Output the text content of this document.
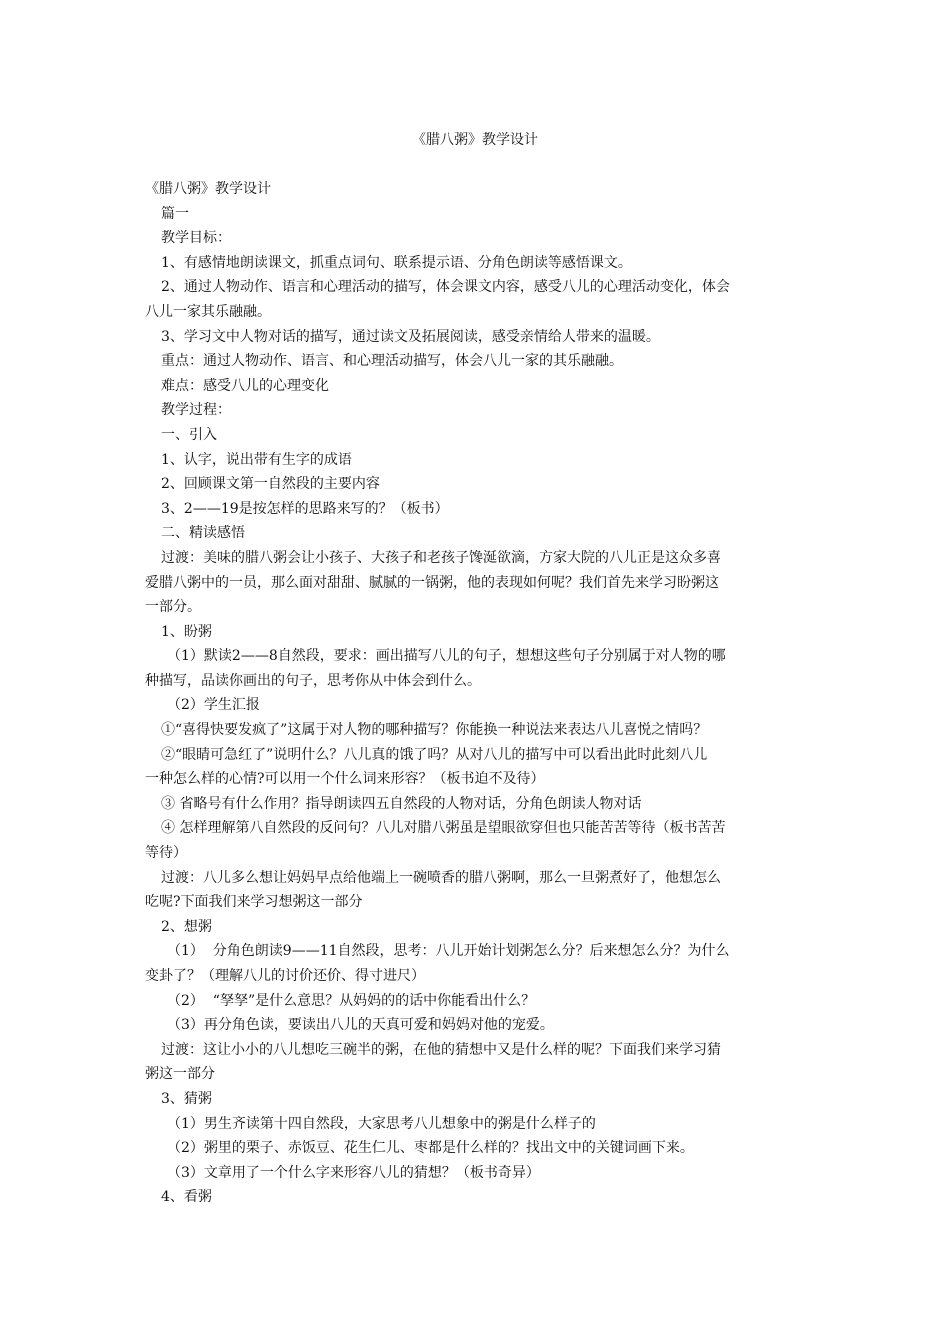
《腊八粥》教学设计

《腊八粥》教学设计

篇一

教学目标：

1、有感情地朗读课文，抓重点词句、联系提示语、分角色朗读等感悟课文。

2、通过人物动作、语言和心理活动的描写，体会课文内容，感受八儿的心理活动变化，体会

八儿一家其乐融融。

3、学习文中人物对话的描写，通过读文及拓展阅读，感受亲情给人带来的温暖。

重点：通过人物动作、语言、和心理活动描写，体会八儿一家的其乐融融。

难点：感受八儿的心理变化

教学过程：

一、引入

1、认字，说出带有生字的成语

2、回顾课文第一自然段的主要内容

3、2——19是按怎样的思路来写的？（板书）

二、精读感悟

过渡：美味的腊八粥会让小孩子、大孩子和老孩子馋涎欲滴，方家大院的八儿正是这众多喜

爱腊八粥中的一员，那么面对甜甜、腻腻的一锅粥，他的表现如何呢？我们首先来学习盼粥这

一部分。

1、盼粥

（1）默读2——8自然段，要求：画出描写八儿的句子，想想这些句子分别属于对人物的哪

种描写，品读你画出的句子，思考你从中体会到什么。

（2）学生汇报

①“喜得快要发疯了”这属于对人物的哪种描写？你能换一种说法来表达八儿喜悦之情吗？

②“眼睛可急红了”说明什么？八儿真的饿了吗？从对八儿的描写中可以看出此时此刻八儿

一种怎么样的心情?可以用一个什么词来形容？（板书迫不及待）

③ 省略号有什么作用？指导朗读四五自然段的人物对话，分角色朗读人物对话

④ 怎样理解第八自然段的反问句？八儿对腊八粥虽是望眼欲穿但也只能苦苦等待（板书苦苦

等待）

过渡：八儿多么想让妈妈早点给他端上一碗喷香的腊八粥啊，那么一旦粥煮好了，他想怎么

吃呢?下面我们来学习想粥这一部分

2、想粥

（1）  分角色朗读9——11自然段，思考：八儿开始计划粥怎么分？后来想怎么分？为什么

变卦了？（理解八儿的讨价还价、得寸进尺）

（2）  “孥孥”是什么意思？从妈妈的的话中你能看出什么？

（3）再分角色读，要读出八儿的天真可爱和妈妈对他的宠爱。

过渡：这让小小的八儿想吃三碗半的粥，在他的猜想中又是什么样的呢？下面我们来学习猜

粥这一部分

3、猜粥

（1）男生齐读第十四自然段，大家思考八儿想象中的粥是什么样子的

（2）粥里的栗子、赤饭豆、花生仁儿、枣都是什么样的？找出文中的关键词画下来。

（3）文章用了一个什么字来形容八儿的猜想？（板书奇异）

4、看粥
